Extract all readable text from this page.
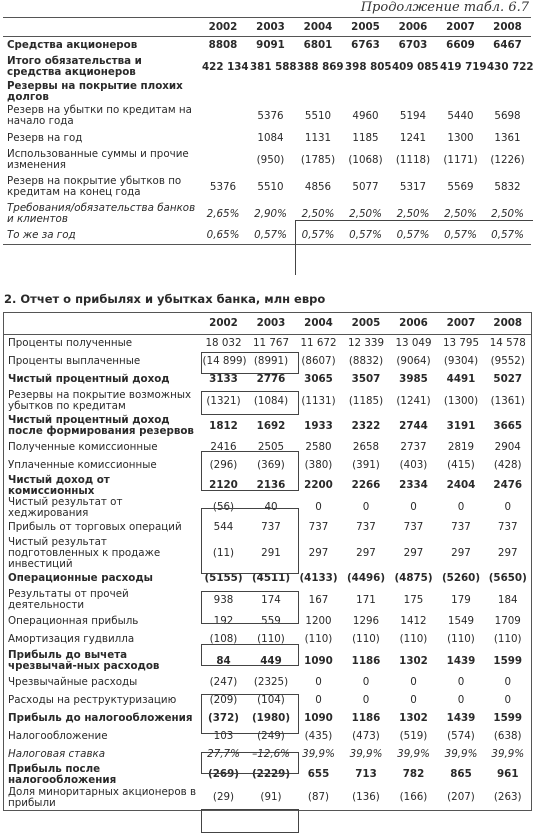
Продолжение табл. 6.7
	2002	2003	2004	2005	2006	2007	2008
Средства акционеров	8808	9091	6801	6763	6703	6609	6467
Итого обязательства и средства акционеров	422 134	381 588	388 869	398 805	409 085	419 719	430 722
Резервы на покрытие плохих долгов							
Резерв на убытки по кредитам на начало года		5376	5510	4960	5194	5440	5698
Резерв на год		1084	1131	1185	1241	1300	1361
Использованные суммы и прочие изменения		(950)	(1785)	(1068)	(1118)	(1171)	(1226)
Резерв на покрытие убытков по кредитам на конец года	5376	5510	4856	5077	5317	5569	5832
Требования/обязательства банков и клиентов	2,65%	2,90%	2,50%	2,50%	2,50%	2,50%	2,50%
То же за год	0,65%	0,57%	0,57%	0,57%	0,57%	0,57%	0,57%
2. Отчет о прибылях и убытках банка, млн евро
	2002	2003	2004	2005	2006	2007	2008
Проценты полученные	18 032	11 767	11 672	12 339	13 049	13 795	14 578
Проценты выплаченные	(14 899)	(8991)	(8607)	(8832)	(9064)	(9304)	(9552)
Чистый процентный доход	3133	2776	3065	3507	3985	4491	5027
Резервы на покрытие возможных убытков по кредитам	(1321)	(1084)	(1131)	(1185)	(1241)	(1300)	(1361)
Чистый процентный доход после формирования резервов	1812	1692	1933	2322	2744	3191	3665
Полученные комиссионные	2416	2505	2580	2658	2737	2819	2904
Уплаченные комиссионные	(296)	(369)	(380)	(391)	(403)	(415)	(428)
Чистый доход от комиссионных	2120	2136	2200	2266	2334	2404	2476
Чистый результат от хеджирования	(56)	40	0	0	0	0	0
Прибыль от торговых операций	544	737	737	737	737	737	737
Чистый результат подготовленных к продаже инвестиций	(11)	291	297	297	297	297	297
Операционные расходы	(5155)	(4511)	(4133)	(4496)	(4875)	(5260)	(5650)
Результаты от прочей деятельности	938	174	167	171	175	179	184
Операционная прибыль	192	559	1200	1296	1412	1549	1709
Амортизация гудвилла	(108)	(110)	(110)	(110)	(110)	(110)	(110)
Прибыль до вычета чрезвычай-ных расходов	84	449	1090	1186	1302	1439	1599
Чрезвычайные расходы	(247)	(2325)	0	0	0	0	0
Расходы на реструктуризацию	(209)	(104)	0	0	0	0	0
Прибыль до налогообложения	(372)	(1980)	1090	1186	1302	1439	1599
Налогообложение	103	(249)	(435)	(473)	(519)	(574)	(638)
Налоговая ставка	27,7%	–12,6%	39,9%	39,9%	39,9%	39,9%	39,9%
Прибыль после налогообложения	(269)	(2229)	655	713	782	865	961
Доля миноритарных акционеров в прибыли	(29)	(91)	(87)	(136)	(166)	(207)	(263)
